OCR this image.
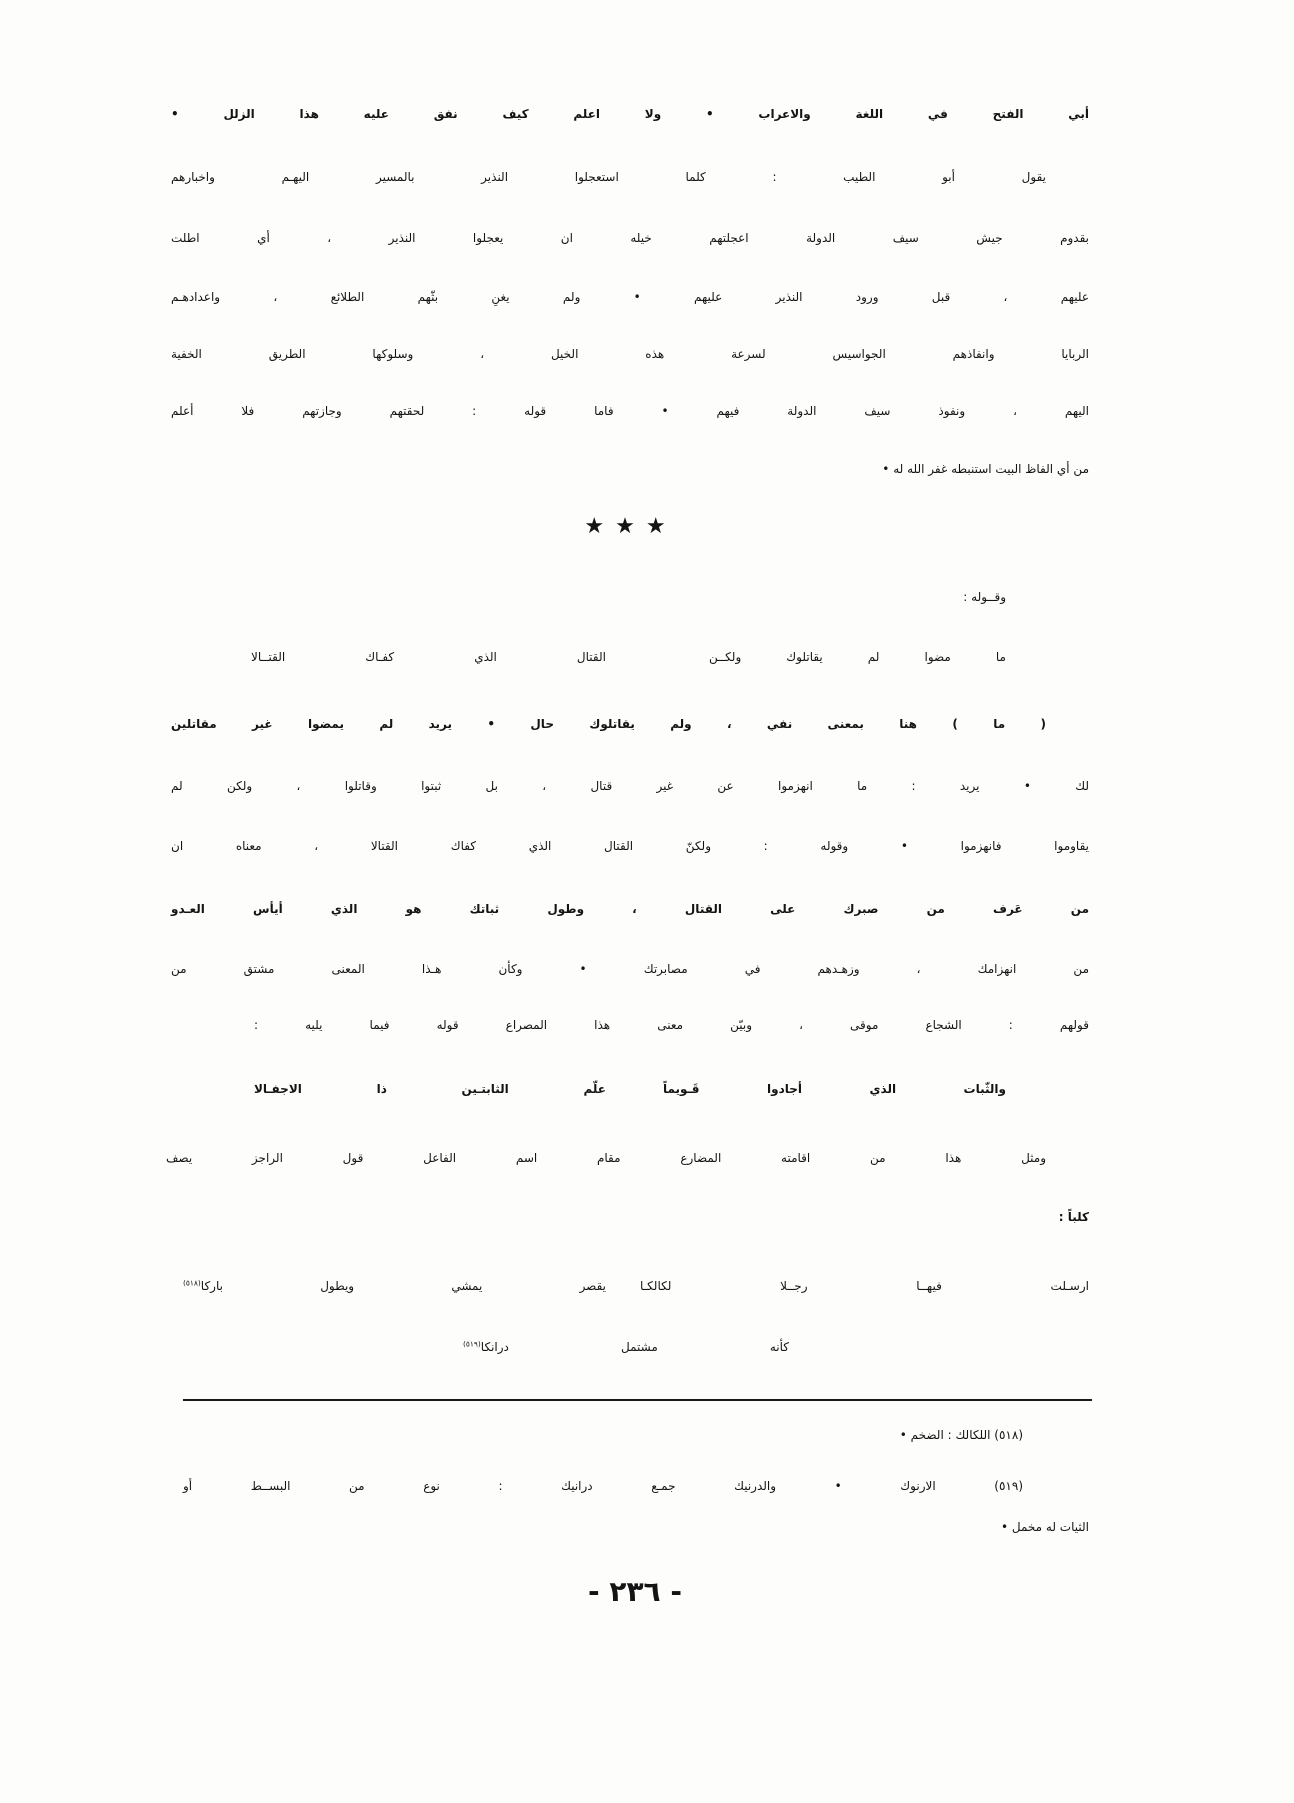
أبي الفتح في اللغة والاعراب • ولا اعلم كيف نفق عليه هذا الزلل •
يقول أبو الطيب : كلما استعجلوا النذير بالمسير اليهـم واخبارهم
بقدوم جيش سيف الدولة اعجلتهم خيله ان يعجلوا النذير ، أي اطلت
عليهم ، قبل ورود النذير عليهم • ولم يغنِ بثّهم الطلائع ، واعدادهـم
الربايا وانفاذهم الجواسيس لسرعة هذه الخيل ، وسلوكها الطريق الخفية
اليهم ، ونفوذ سيف الدولة فيهم • فاما قوله : لحقتهم وجازتهم فلا أعلم
من أي الفاظ البيت استنبطه غفر الله له •
★ ★ ★
وقــوله :
ما مضوا لم يقاتلوك ولكــن
القتال الذي كفـاك القتــالا
( ما ) هنا بمعنى نفي ، ولم يقاتلوك حال • يريد لم يمضوا غير مقاتلين
لك • يريد : ما انهزموا عن غير قتال ، بل ثبتوا وقاتلوا ، ولكن لم
يقاوموا فانهزموا • وقوله : ولكنّ القتال الذي كفاك القتالا ، معناه ان
من عَرف من صبرك على القتال ، وطول ثباتك هو الذي أيأس العـدو
من انهزامك ، وزهـدهم في مصابرتك • وكأن هـذا المعنى مشتق من
قولهم : الشجاع موقى ، وبيّن معنى هذا المصراع قوله فيما يليه :
والثّبات الذي أجادوا قَـويماً
علّم الثابتـين ذا الاجفـالا
ومثل هذا من اقامته المضارع مقام اسم الفاعل قول الراجز يصف
كلباً :
ارسـلت فيهــا رجــلا لكالكـا
يقصر يمشي ويطول باركا$^{(٥١٨)}$
كأنه مشتمل درانكا$^{(٥١٩)}$
(٥١٨) اللكالك : الضخم •
(٥١٩) الارنوك • والدرنيك جمـع درانيك : نوع من البســط أو
الثيات له مخمل •
- ٢٣٦ -
